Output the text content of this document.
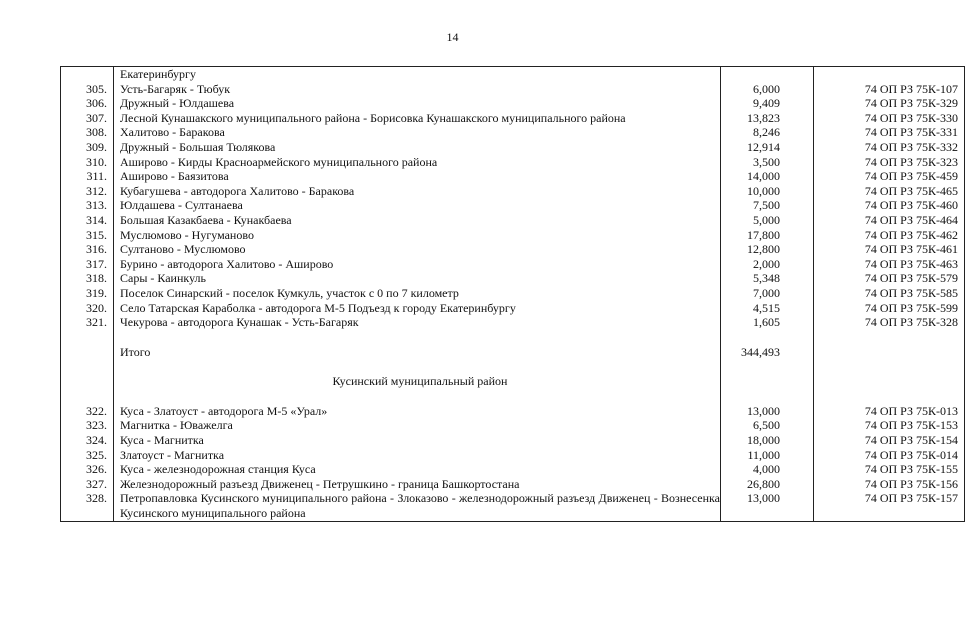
14
	Екатеринбургу		
305.	Усть-Багаряк - Тюбук	6,000	74 ОП РЗ 75К-107
306.	Дружный - Юлдашева	9,409	74 ОП РЗ 75К-329
307.	Лесной Кунашакского муниципального района - Борисовка Кунашакского муниципального района	13,823	74 ОП РЗ 75К-330
308.	Халитово - Баракова	8,246	74 ОП РЗ 75К-331
309.	Дружный - Большая Тюлякова	12,914	74 ОП РЗ 75К-332
310.	Аширово - Кирды Красноармейского муниципального района	3,500	74 ОП РЗ 75К-323
311.	Аширово - Баязитова	14,000	74 ОП РЗ 75К-459
312.	Кубагушева - автодорога Халитово - Баракова	10,000	74 ОП РЗ 75К-465
313.	Юлдашева - Султанаева	7,500	74 ОП РЗ 75К-460
314.	Большая Казакбаева - Кунакбаева	5,000	74 ОП РЗ 75К-464
315.	Муслюмово - Нугуманово	17,800	74 ОП РЗ 75К-462
316.	Султаново - Муслюмово	12,800	74 ОП РЗ 75К-461
317.	Бурино - автодорога Халитово - Аширово	2,000	74 ОП РЗ 75К-463
318.	Сары - Каинкуль	5,348	74 ОП РЗ 75К-579
319.	Поселок Синарский - поселок Кумкуль, участок с 0 по 7 километр	7,000	74 ОП РЗ 75К-585
320.	Село Татарская Караболка - автодорога М-5 Подъезд к городу Екатеринбургу	4,515	74 ОП РЗ 75К-599
321.	Чекурова - автодорога Кунашак - Усть-Багаряк	1,605	74 ОП РЗ 75К-328

	Итого	344,493	

	Кусинский муниципальный район		

322.	Куса - Златоуст - автодорога М-5 «Урал»	13,000	74 ОП РЗ 75К-013
323.	Магнитка - Юважелга	6,500	74 ОП РЗ 75К-153
324.	Куса - Магнитка	18,000	74 ОП РЗ 75К-154
325.	Златоуст - Магнитка	11,000	74 ОП РЗ 75К-014
326.	Куса - железнодорожная станция Куса	4,000	74 ОП РЗ 75К-155
327.	Железнодорожный разъезд Движенец - Петрушкино - граница Башкортостана	26,800	74 ОП РЗ 75К-156
328.	Петропавловка Кусинского муниципального района - Злоказово - железнодорожный разъезд Движенец - Вознесенка Кусинского муниципального района	13,000	74 ОП РЗ 75К-157
